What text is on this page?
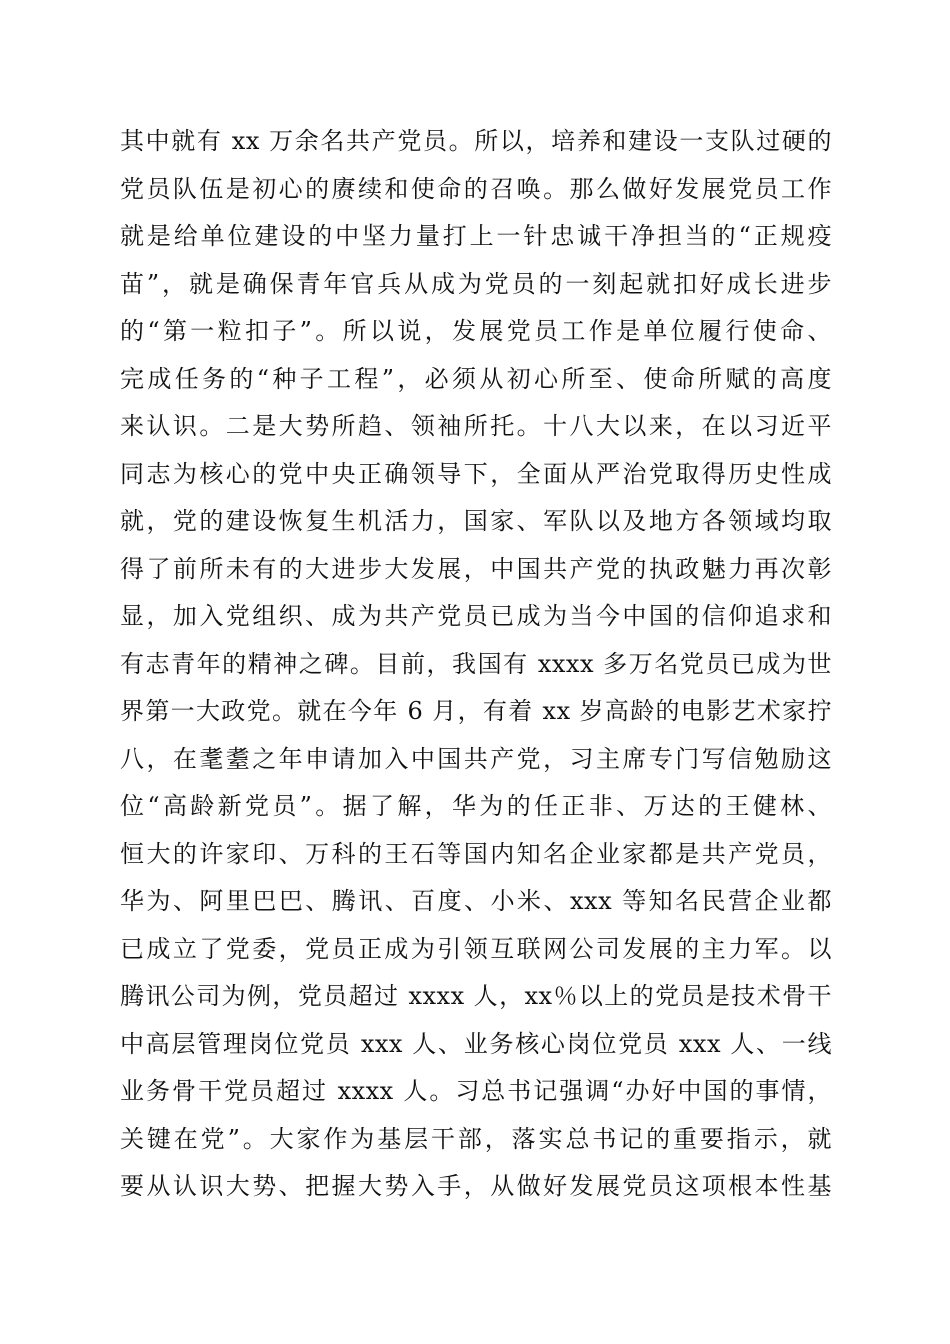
其中就有 xx 万余名共产党员。所以，培养和建设一支队过硬的
党员队伍是初心的赓续和使命的召唤。那么做好发展党员工作
就是给单位建设的中坚力量打上一针忠诚干净担当的“正规疫
苗”，就是确保青年官兵从成为党员的一刻起就扣好成长进步
的“第一粒扣子”。所以说，发展党员工作是单位履行使命、
完成任务的“种子工程”，必须从初心所至、使命所赋的高度
来认识。二是大势所趋、领袖所托。十八大以来，在以习近平
同志为核心的党中央正确领导下，全面从严治党取得历史性成
就，党的建设恢复生机活力，国家、军队以及地方各领域均取
得了前所未有的大进步大发展，中国共产党的执政魅力再次彰
显，加入党组织、成为共产党员已成为当今中国的信仰追求和
有志青年的精神之碑。目前，我国有 xxxx 多万名党员已成为世
界第一大政党。就在今年 6 月，有着 xx 岁高龄的电影艺术家拧
八，在耄耋之年申请加入中国共产党，习主席专门写信勉励这
位“高龄新党员”。据了解，华为的任正非、万达的王健林、
恒大的许家印、万科的王石等国内知名企业家都是共产党员，
华为、阿里巴巴、腾讯、百度、小米、xxx 等知名民营企业都
已成立了党委，党员正成为引领互联网公司发展的主力军。以
腾讯公司为例，党员超过 xxxx 人，xx％以上的党员是技术骨干
中高层管理岗位党员 xxx 人、业务核心岗位党员 xxx 人、一线
业务骨干党员超过 xxxx 人。习总书记强调“办好中国的事情，
关键在党”。大家作为基层干部，落实总书记的重要指示，就
要从认识大势、把握大势入手，从做好发展党员这项根本性基
